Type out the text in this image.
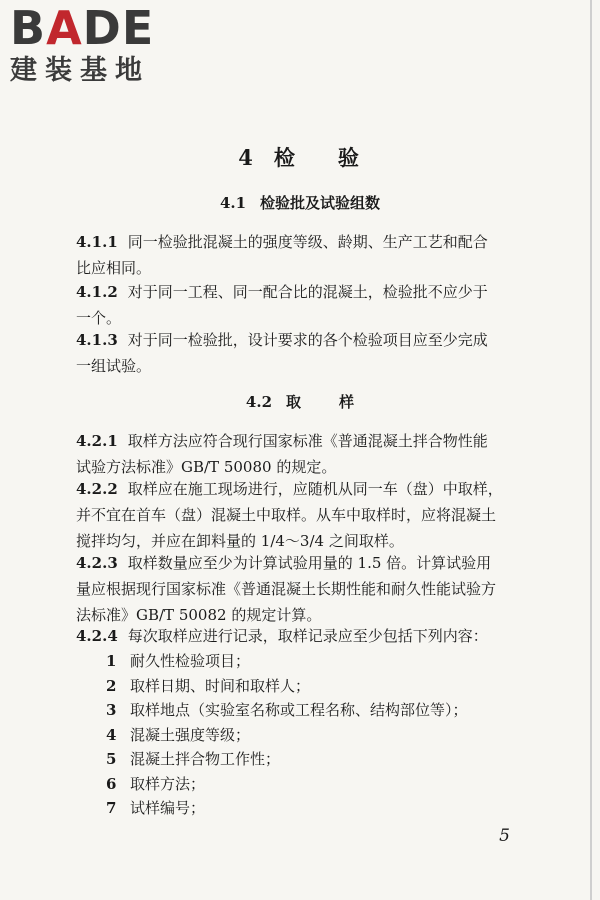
BADE
建装基地
4 检 验
4.1 检验批及试验组数
4.1.1 同一检验批混凝土的强度等级、龄期、生产工艺和配合
比应相同。
4.1.2 对于同一工程、同一配合比的混凝土，检验批不应少于
一个。
4.1.3 对于同一检验批，设计要求的各个检验项目应至少完成
一组试验。
4.2 取	样
4.2.1 取样方法应符合现行国家标准《普通混凝土拌合物性能
试验方法标准》GB/T 50080 的规定。
4.2.2 取样应在施工现场进行，应随机从同一车（盘）中取样，
并不宜在首车（盘）混凝土中取样。从车中取样时，应将混凝土
搅拌均匀，并应在卸料量的 1/4～3/4 之间取样。
4.2.3 取样数量应至少为计算试验用量的 1.5 倍。计算试验用
量应根据现行国家标准《普通混凝土长期性能和耐久性能试验方
法标准》GB/T 50082 的规定计算。
4.2.4 每次取样应进行记录，取样记录应至少包括下列内容：
1 耐久性检验项目；
2 取样日期、时间和取样人；
3 取样地点（实验室名称或工程名称、结构部位等）；
4 混凝土强度等级；
5 混凝土拌合物工作性；
6 取样方法；
7 试样编号；
5
